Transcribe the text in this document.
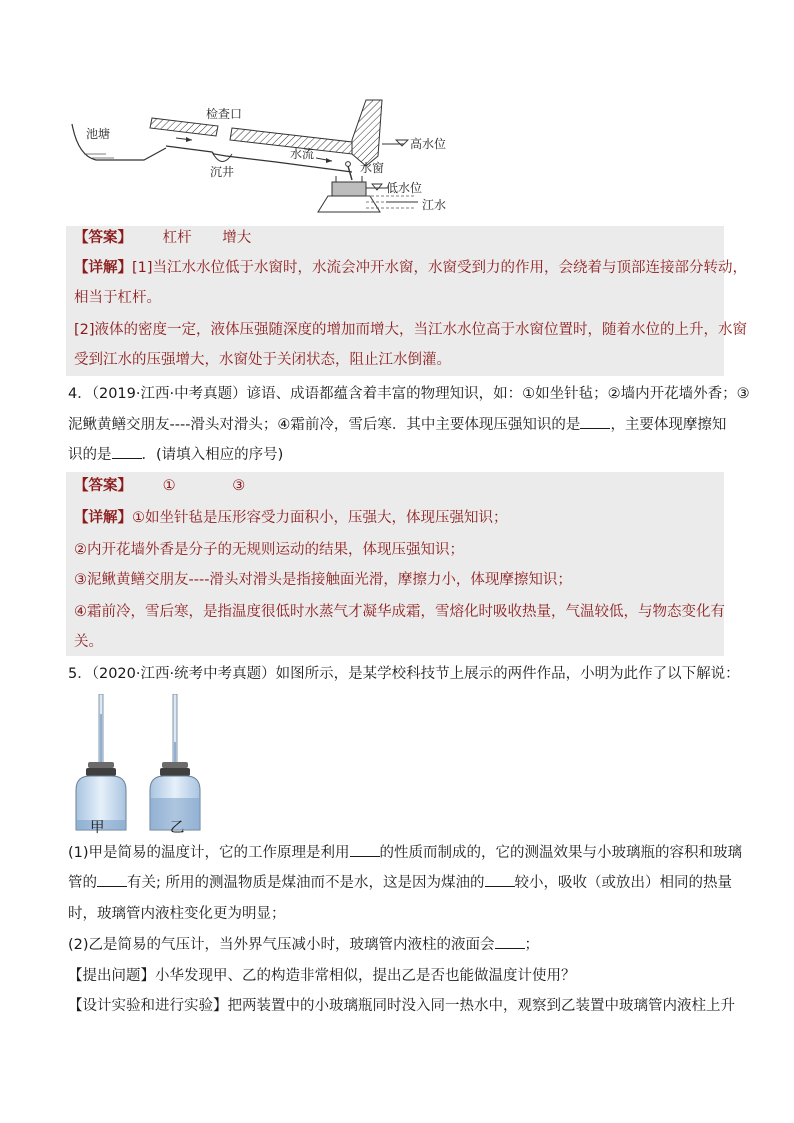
检查口
池塘
沉井
水流
水窗
高水位
低水位
江水
【答案】 杠杆 增大
【详解】[1]当江水水位低于水窗时，水流会冲开水窗，水窗受到力的作用，会绕着与顶部连接部分转动，
相当于杠杆。
[2]液体的密度一定，液体压强随深度的增加而增大，当江水水位高于水窗位置时，随着水位的上升，水窗
受到江水的压强增大，水窗处于关闭状态，阻止江水倒灌。
4．（2019·江西·中考真题）谚语、成语都蕴含着丰富的物理知识，如：①如坐针毡；②墙内开花墙外香；③
泥鳅黄鳝交朋友----滑头对滑头；④霜前冷，雪后寒．其中主要体现压强知识的是 ，主要体现摩擦知
识的是 ．(请填入相应的序号)
【答案】 ①	③
【详解】①如坐针毡是压形容受力面积小，压强大，体现压强知识；
②内开花墙外香是分子的无规则运动的结果，体现压强知识；
③泥鳅黄鳝交朋友----滑头对滑头是指接触面光滑，摩擦力小，体现摩擦知识；
④霜前冷，雪后寒，是指温度很低时水蒸气才凝华成霜，雪熔化时吸收热量，气温较低，与物态变化有
关。
5．（2020·江西·统考中考真题）如图所示，是某学校科技节上展示的两件作品，小明为此作了以下解说：
甲	乙
(1)甲是简易的温度计，它的工作原理是利用 的性质而制成的，它的测温效果与小玻璃瓶的容积和玻璃
管的 有关; 所用的测温物质是煤油而不是水，这是因为煤油的 较小，吸收（或放出）相同的热量
时，玻璃管内液柱变化更为明显；
(2)乙是简易的气压计，当外界气压减小时，玻璃管内液柱的液面会 ；
【提出问题】小华发现甲、乙的构造非常相似，提出乙是否也能做温度计使用？
【设计实验和进行实验】把两装置中的小玻璃瓶同时没入同一热水中，观察到乙装置中玻璃管内液柱上升
